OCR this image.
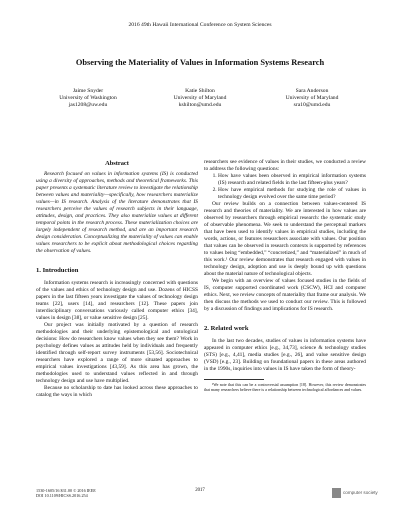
2016 49th Hawaii International Conference on System Sciences
Observing the Materiality of Values in Information Systems Research
Jaime Snyder
University of Washington
jas1208@uw.edu
Katie Shilton
University of Maryland
kshilton@umd.edu
Sara Anderson
University of Maryland
sra10@umd.edu
Abstract

Research focused on values in information systems (IS) is conducted using a diversity of approaches, methods and theoretical frameworks. This paper presents a systematic literature review to investigate the relationship between values and materiality—specifically, how researchers materialize values—in IS research. Analysis of the literature demonstrates that IS researchers perceive the values of research subjects in their language, attitudes, design, and practices. They also materialize values at different temporal points in the research process. These materialization choices are largely independent of research method, and are an important research design consideration. Conceptualizing the materiality of values can enable values researchers to be explicit about methodological choices regarding the observation of values.

1. Introduction

Information systems research is increasingly concerned with questions of the values and ethics of technology design and use. Dozens of HICSS papers in the last fifteen years investigate the values of technology design teams [22], users [14], and researchers [12]. These papers join interdisciplinary conversations variously called computer ethics [34], values in design [38], or value sensitive design [25].

Our project was initially motivated by a question of research methodologies and their underlying epistemological and ontological decisions: How do researchers know values when they see them? Work in psychology defines values as attitudes held by individuals and frequently identified through self-report survey instruments [53,56]. Sociotechnical researchers have explored a range of more situated approaches to empirical values investigations [43,59]. As this area has grown, the methodologies used to understand values reflected in and through technology design and use have multiplied.

Because no scholarship to date has looked across these approaches to catalog the ways in which

researchers see evidence of values in their studies, we conducted a review to address the following questions:

1. How have values been observed in empirical information systems (IS) research and related fields in the last fifteen-plus years?
2. How have empirical methods for studying the role of values in technology design evolved over the same time period?

Our review builds on a connection between values-centered IS research and theories of materiality. We are interested in how values are observed by researchers through empirical research: the systematic study of observable phenomena. We seek to understand the perceptual markers that have been used to identify values in empirical studies, including the words, actions, or features researchers associate with values. Our position that values can be observed in research contexts is supported by references to values being “embedded,” “concretized,” and “materialized” in much of this work.¹ Our review demonstrates that research engaged with values in technology design, adoption and use is deeply bound up with questions about the material nature of technological objects.

We begin with an overview of values focused studies in the fields of IS, computer supported coordinated work (CSCW), HCI and computer ethics. Next, we review concepts of materiality that frame our analysis. We then discuss the methods we used to conduct our review. This is followed by a discussion of findings and implications for IS research.

2. Related work

In the last two decades, studies of values in information systems have appeared in computer ethics [e.g., 34,73], science & technology studies (STS) [e.g., 4,41], media studies [e.g., 26], and value sensitive design (VSD) [e.g., 23]. Building on foundational papers in these areas authored in the 1990s, inquiries into values in IS have taken the form of theory-

¹We note that this can be a controversial assumption [18]. However, this review demonstrates that many researchers believe there is a relationship between technological affordances and values.

1530-1605/16 $31.00 © 2016 IEEE
DOI 10.1109/HICSS.2016.254
2017	computer society
